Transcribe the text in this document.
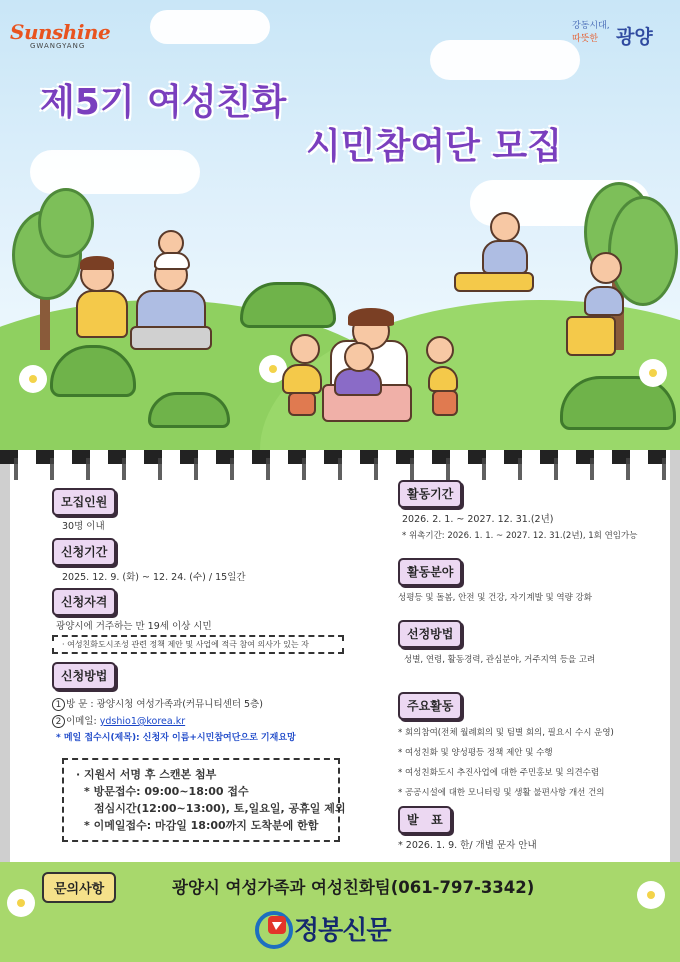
Sunshine
GWANGYANG
강동시대,
따뜻한 광양
제5기 여성친화
시민참여단 모집
모집인원
30명 이내
신청기간
2025. 12. 9. (화) ~ 12. 24. (수) / 15일간
신청자격
광양시에 거주하는 만 19세 이상 시민
· 여성친화도시조성 관련 정책 제안 및 사업에 적극 참여 의사가 있는 자
신청방법
1 방 문 : 광양시청 여성가족과(커뮤니티센터 5층)
2 이메일: ydshio1@korea.kr
* 메일 접수시(제목): 신청자 이름+시민참여단으로 기재요망
· 지원서 서명 후 스캔본 첨부
* 방문접수: 09:00~18:00 접수
점심시간(12:00~13:00), 토,일요일, 공휴일 제외
* 이메일접수: 마감일 18:00까지 도착분에 한함
활동기간
2026. 2. 1. ~ 2027. 12. 31.(2년)
* 위촉기간: 2026. 1. 1. ~ 2027. 12. 31.(2년), 1회 연임가능
활동분야
성평등 및 돌봄, 안전 및 건강, 자기계발 및 역량 강화
선정방법
성별, 연령, 활동경력, 관심분야, 거주지역 등을 고려
주요활동
* 회의참여(전체 월례회의 및 팀별 회의, 필요시 수시 운영)
* 여성친화 및 양성평등 정책 제안 및 수행
* 여성친화도시 추진사업에 대한 주민홍보 및 의견수렴
* 공공시설에 대한 모니터링 및 생활 불편사항 개선 건의
발   표
* 2026. 1. 9. 한/ 개별 문자 안내
문의사항	광양시 여성가족과 여성친화팀(061-797-3342)
정봉신문
